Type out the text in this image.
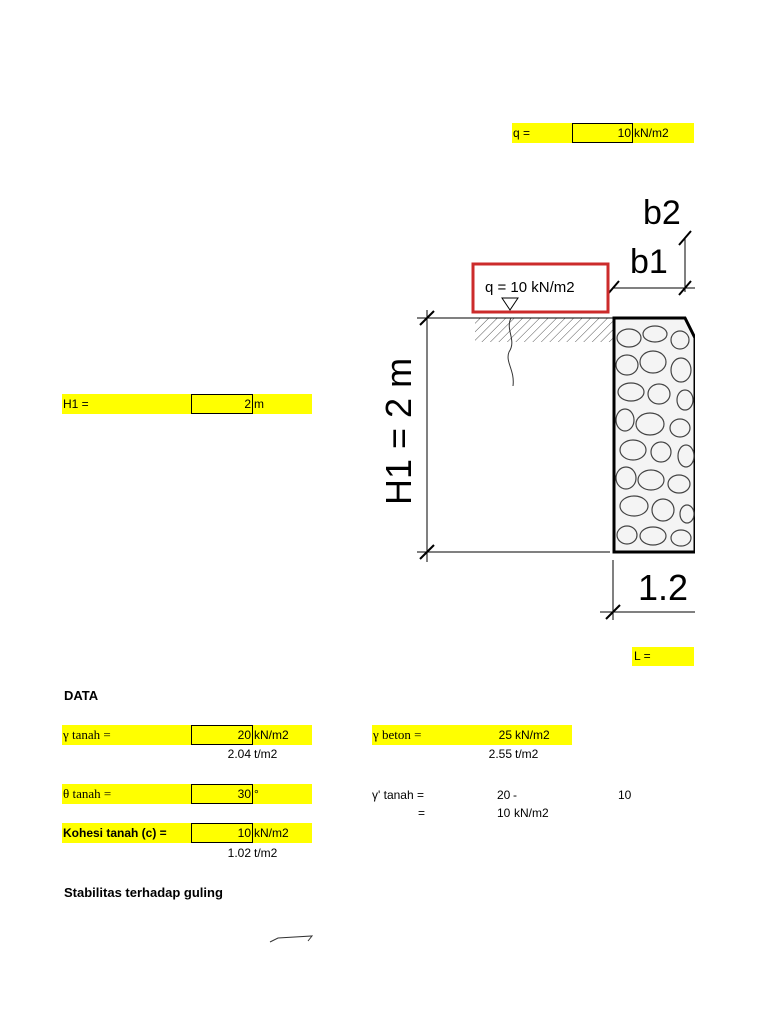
q =	10 kN/m2
b2
b1
q = 10 kN/m2
H1 = 2 m
1.2
H1 =	2 m
L =
DATA
γ tanah =	20 kN/m2
2.04 t/m2
γ beton =	25 kN/m2
2.55 t/m2
θ tanah =	30 °	γ' tanah =	20 -	10
=	10 kN/m2
Kohesi tanah (c) =	10 kN/m2
1.02 t/m2
Stabilitas terhadap guling
